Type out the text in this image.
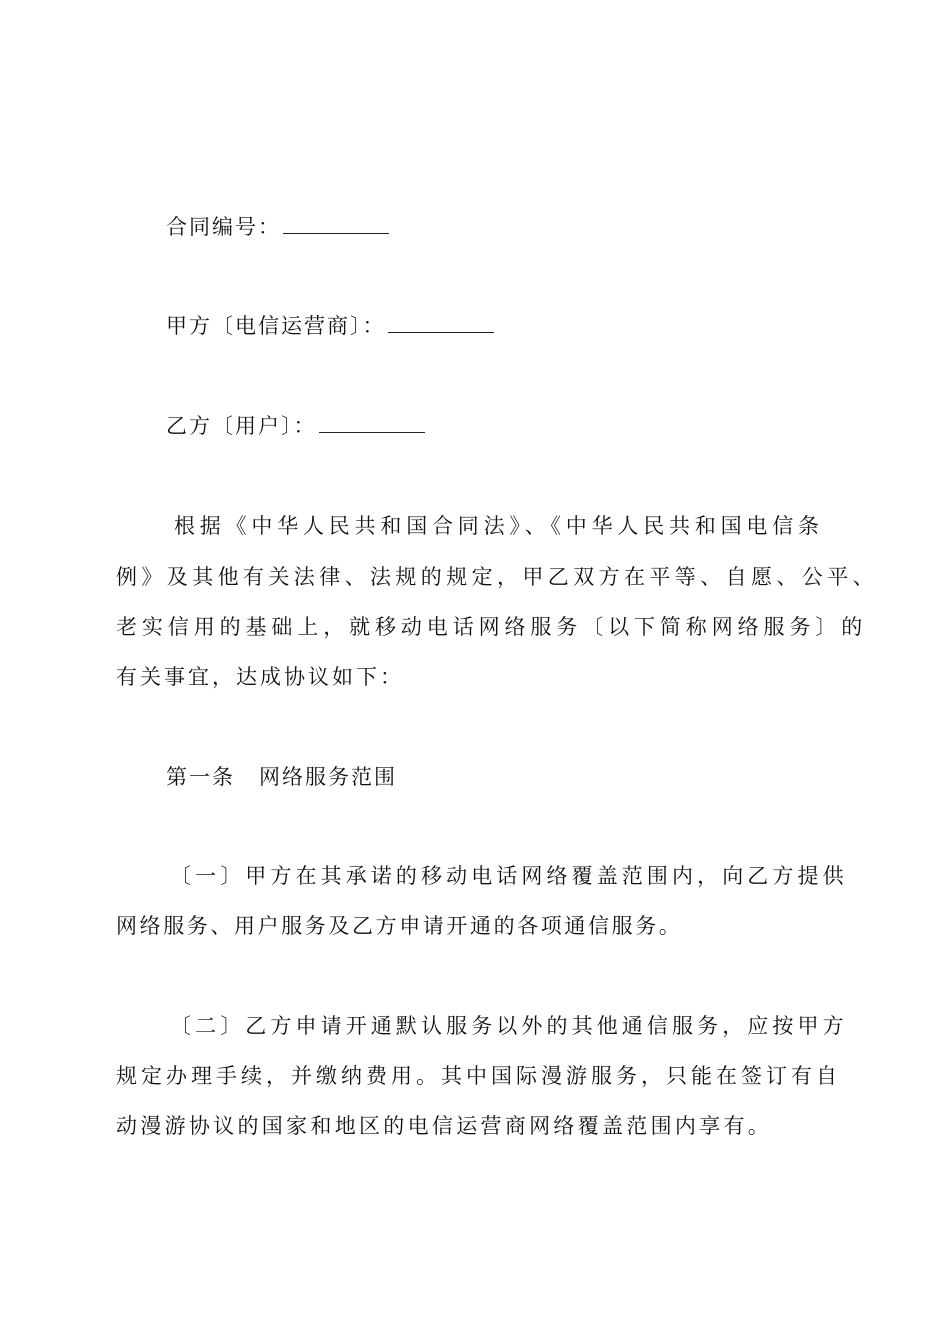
合同编号：
甲方〔电信运营商〕：
乙方〔用户〕：
根据《中华人民共和国合同法》、《中华人民共和国电信条
例》及其他有关法律、法规的规定，甲乙双方在平等、自愿、公平、
老实信用的基础上，就移动电话网络服务〔以下简称网络服务〕的
有关事宜，达成协议如下：
第一条 网络服务范围
〔一〕甲方在其承诺的移动电话网络覆盖范围内，向乙方提供
网络服务、用户服务及乙方申请开通的各项通信服务。
〔二〕乙方申请开通默认服务以外的其他通信服务，应按甲方
规定办理手续，并缴纳费用。其中国际漫游服务，只能在签订有自
动漫游协议的国家和地区的电信运营商网络覆盖范围内享有。
